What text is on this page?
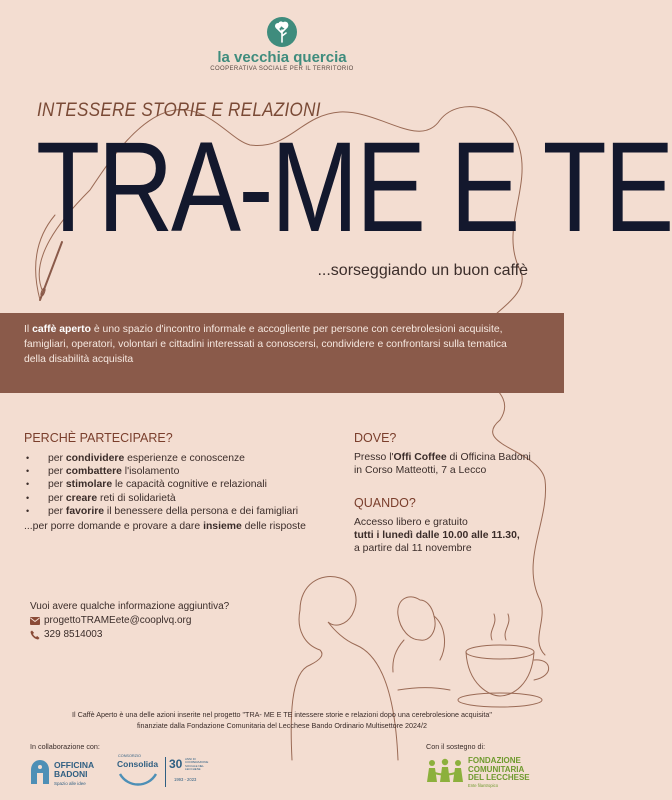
la vecchia quercia
COOPERATIVA SOCIALE PER IL TERRITORIO
INTESSERE STORIE E RELAZIONI
TRA-ME E TE
...sorseggiando un buon caffè
Il caffè aperto è uno spazio d'incontro informale e accogliente per persone con cerebrolesioni acquisite, famigliari, operatori, volontari e cittadini interessati a conoscersi, condividere e confrontarsi sulla tematica della disabilità acquisita
PERCHÈ PARTECIPARE?
• per condividere esperienze e conoscenze
• per combattere l'isolamento
• per stimolare le capacità cognitive e relazionali
• per creare reti di solidarietà
• per favorire il benessere della persona e dei famigliari
...per porre domande e provare a dare insieme delle risposte
DOVE?
Presso l'Offi Coffee di Officina Badoni
in Corso Matteotti, 7 a Lecco
QUANDO?
Accesso libero e gratuito
tutti i lunedì dalle 10.00 alle 11.30,
a partire dal 11 novembre
Vuoi avere qualche informazione aggiuntiva?
progettoTRAMEete@cooplvq.org
329 8514003
Il Caffè Aperto è una delle azioni inserite nel progetto "TRA- ME E TE intessere storie e relazioni dopo una cerebrolesione acquisita"
finanziate dalla Fondazione Comunitaria del Lecchese Bando Ordinario Multisettore 2024/2
In collaborazione con:
OFFICINA
BADONI
Spazio alle idee
CONSORZIO
Consolida 30 ANNI DI COOPERAZIONE SOCIALE NEL LECCHESE
1993 - 2023
Con il sostegno di:
FONDAZIONE
COMUNITARIA
DEL LECCHESE
Ente filantropico
